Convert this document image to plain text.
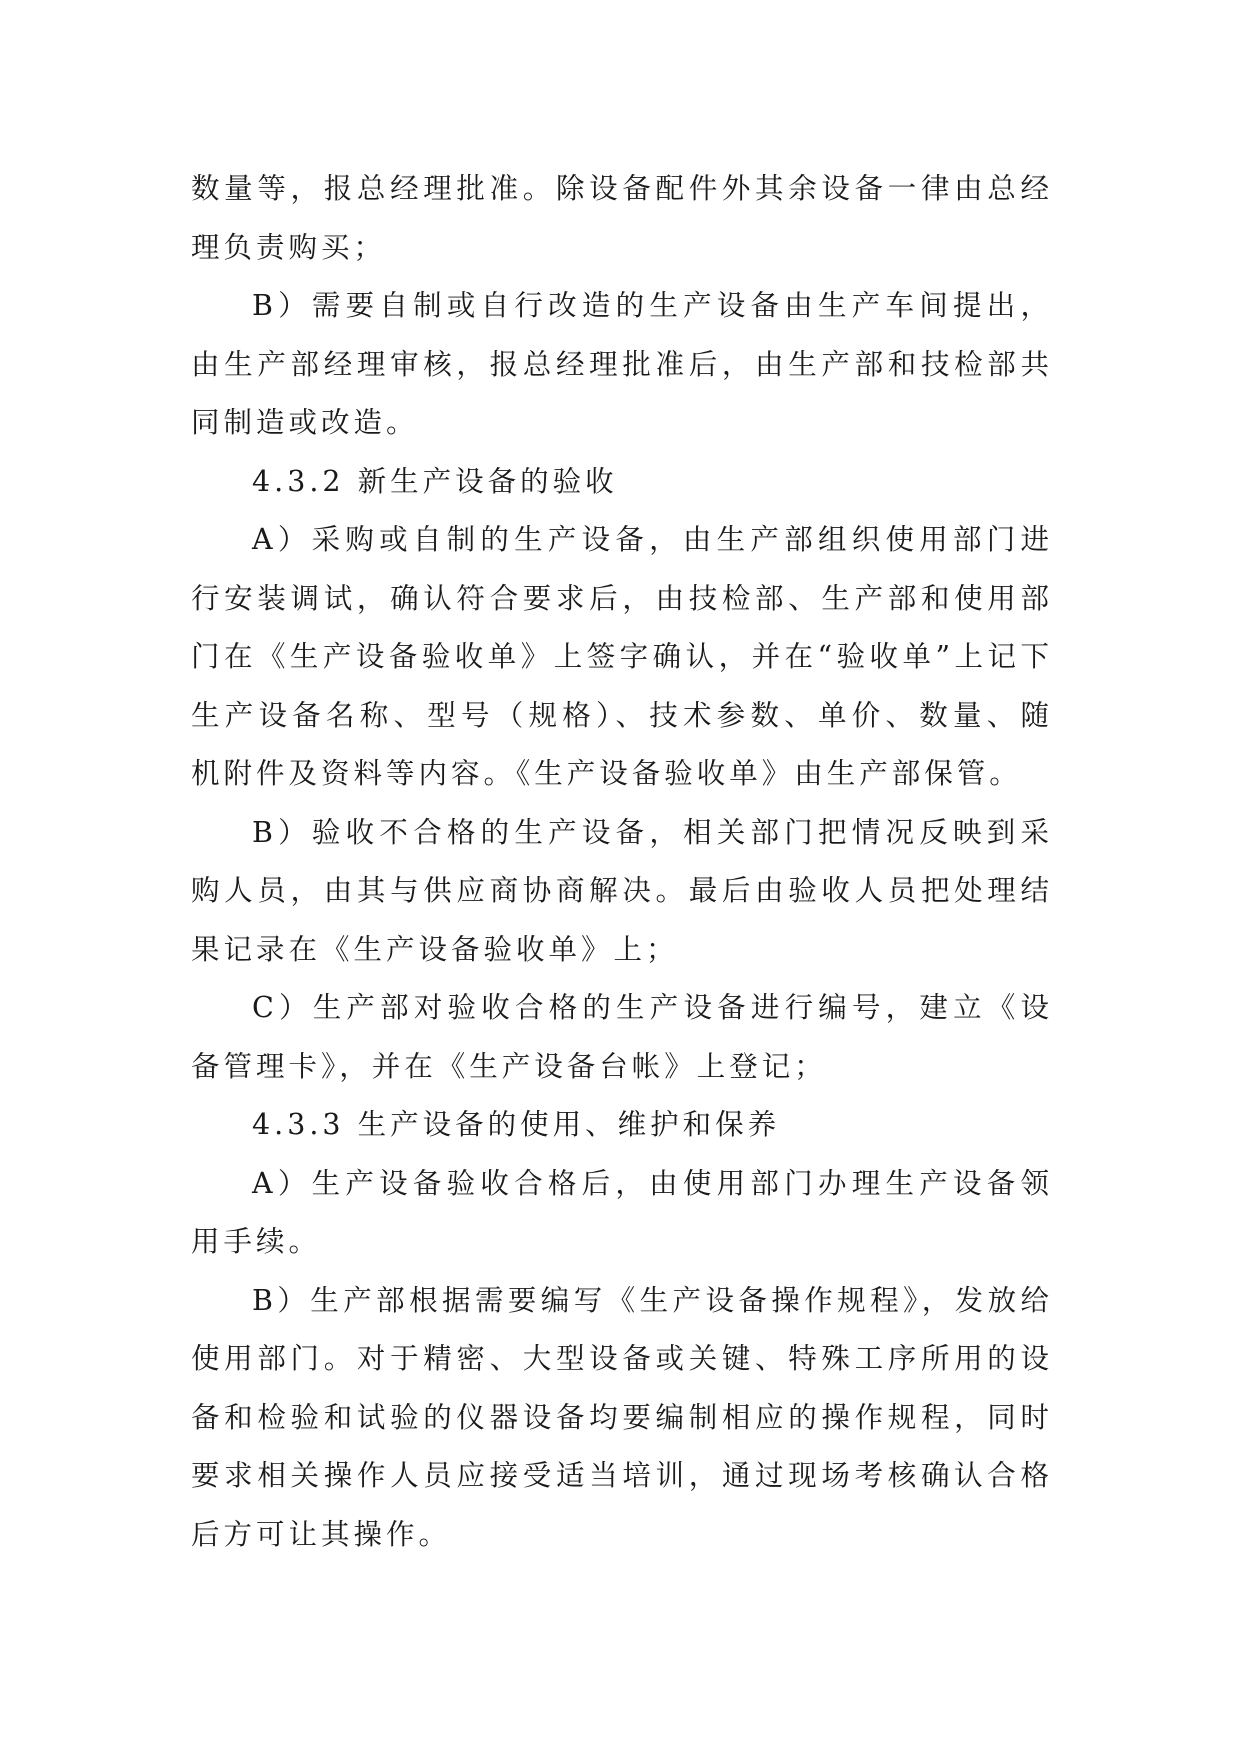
数量等，报总经理批准。除设备配件外其余设备一律由总经理负责购买；

B）需要自制或自行改造的生产设备由生产车间提出，由生产部经理审核，报总经理批准后，由生产部和技检部共同制造或改造。

4.3.2 新生产设备的验收

A）采购或自制的生产设备，由生产部组织使用部门进行安装调试，确认符合要求后，由技检部、生产部和使用部门在《生产设备验收单》上签字确认，并在“验收单”上记下生产设备名称、型号（规格）、技术参数、单价、数量、随机附件及资料等内容。《生产设备验收单》由生产部保管。

B）验收不合格的生产设备，相关部门把情况反映到采购人员，由其与供应商协商解决。最后由验收人员把处理结果记录在《生产设备验收单》上；

C）生产部对验收合格的生产设备进行编号，建立《设备管理卡》，并在《生产设备台帐》上登记；

4.3.3 生产设备的使用、维护和保养

A）生产设备验收合格后，由使用部门办理生产设备领用手续。

B）生产部根据需要编写《生产设备操作规程》，发放给使用部门。对于精密、大型设备或关键、特殊工序所用的设备和检验和试验的仪器设备均要编制相应的操作规程，同时要求相关操作人员应接受适当培训，通过现场考核确认合格后方可让其操作。
